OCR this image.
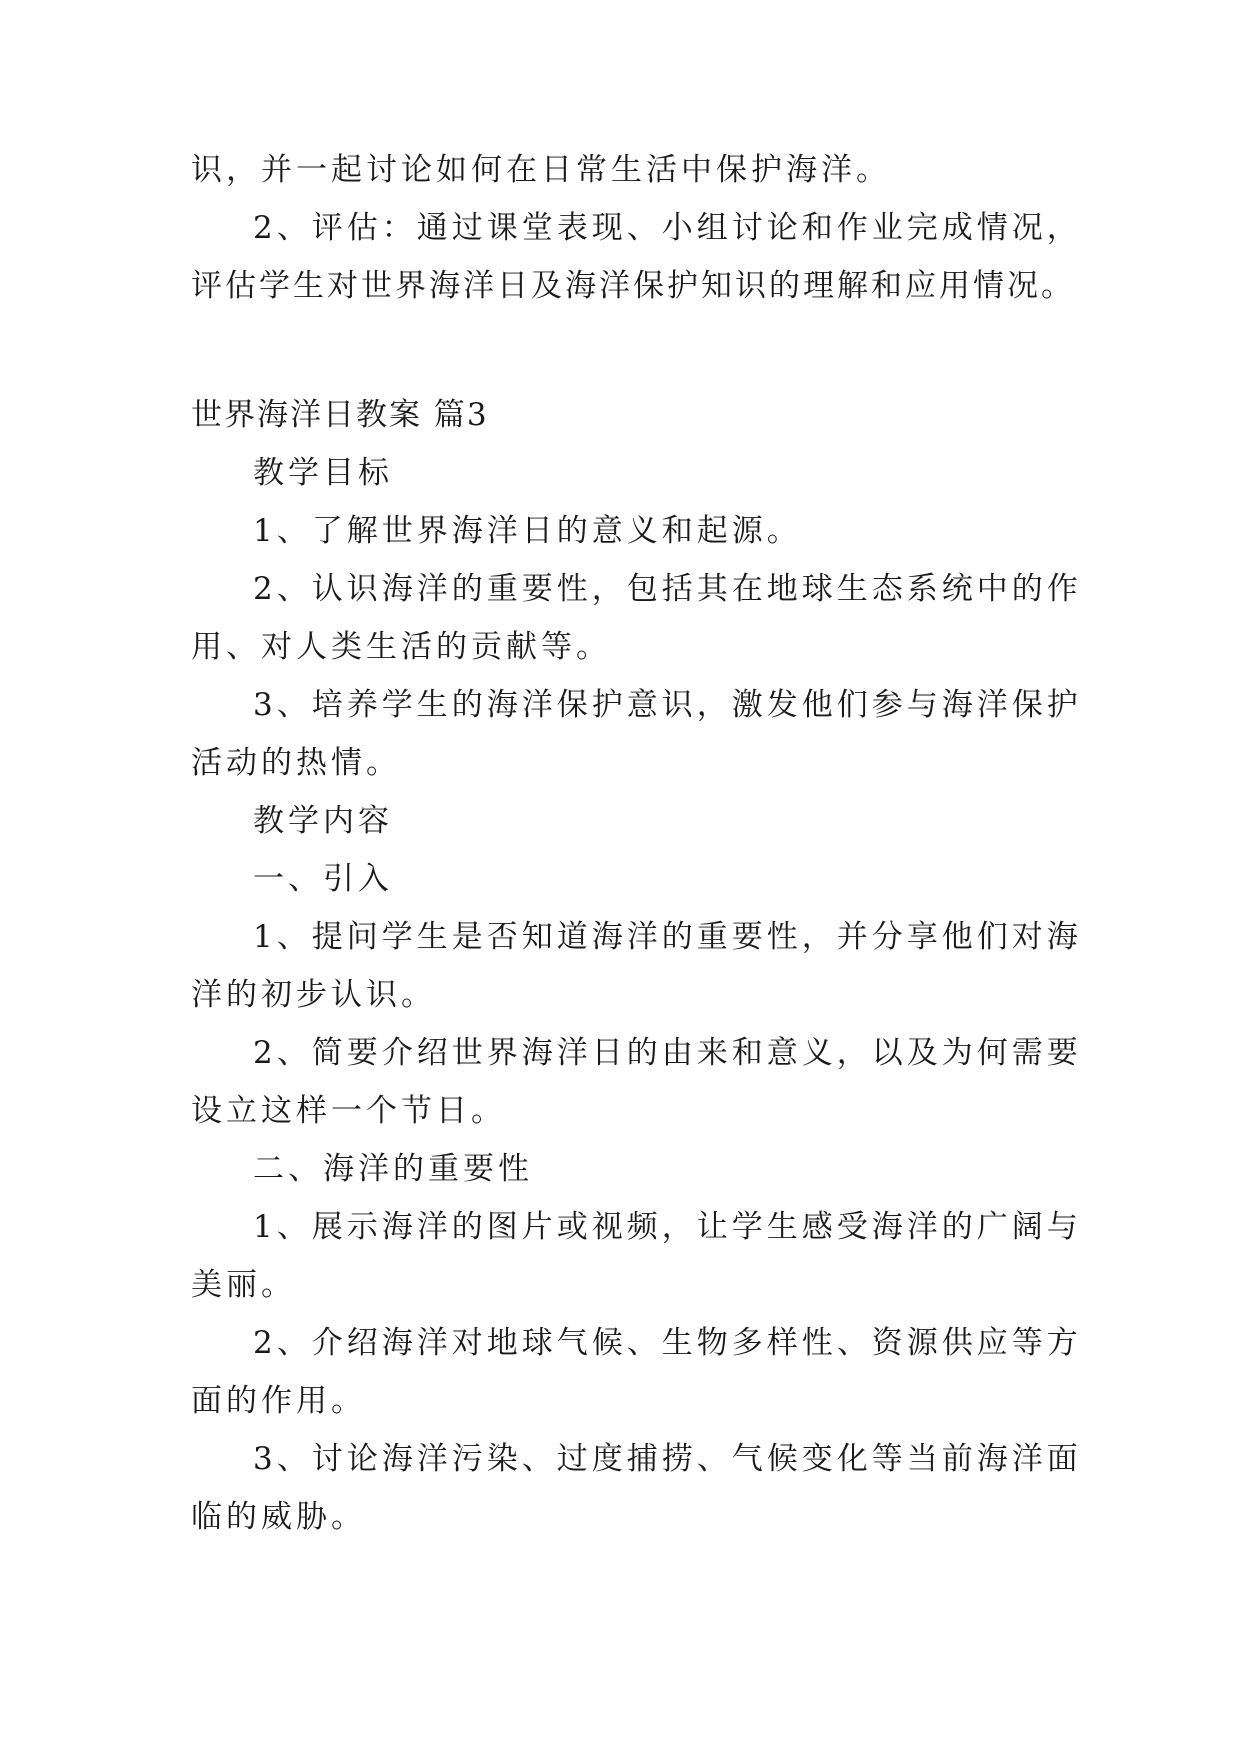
识，并一起讨论如何在日常生活中保护海洋。
2、评估：通过课堂表现、小组讨论和作业完成情况，
评估学生对世界海洋日及海洋保护知识的理解和应用情况。
世界海洋日教案 篇3
教学目标
1、了解世界海洋日的意义和起源。
2、认识海洋的重要性，包括其在地球生态系统中的作
用、对人类生活的贡献等。
3、培养学生的海洋保护意识，激发他们参与海洋保护
活动的热情。
教学内容
一、引入
1、提问学生是否知道海洋的重要性，并分享他们对海
洋的初步认识。
2、简要介绍世界海洋日的由来和意义，以及为何需要
设立这样一个节日。
二、海洋的重要性
1、展示海洋的图片或视频，让学生感受海洋的广阔与
美丽。
2、介绍海洋对地球气候、生物多样性、资源供应等方
面的作用。
3、讨论海洋污染、过度捕捞、气候变化等当前海洋面
临的威胁。
